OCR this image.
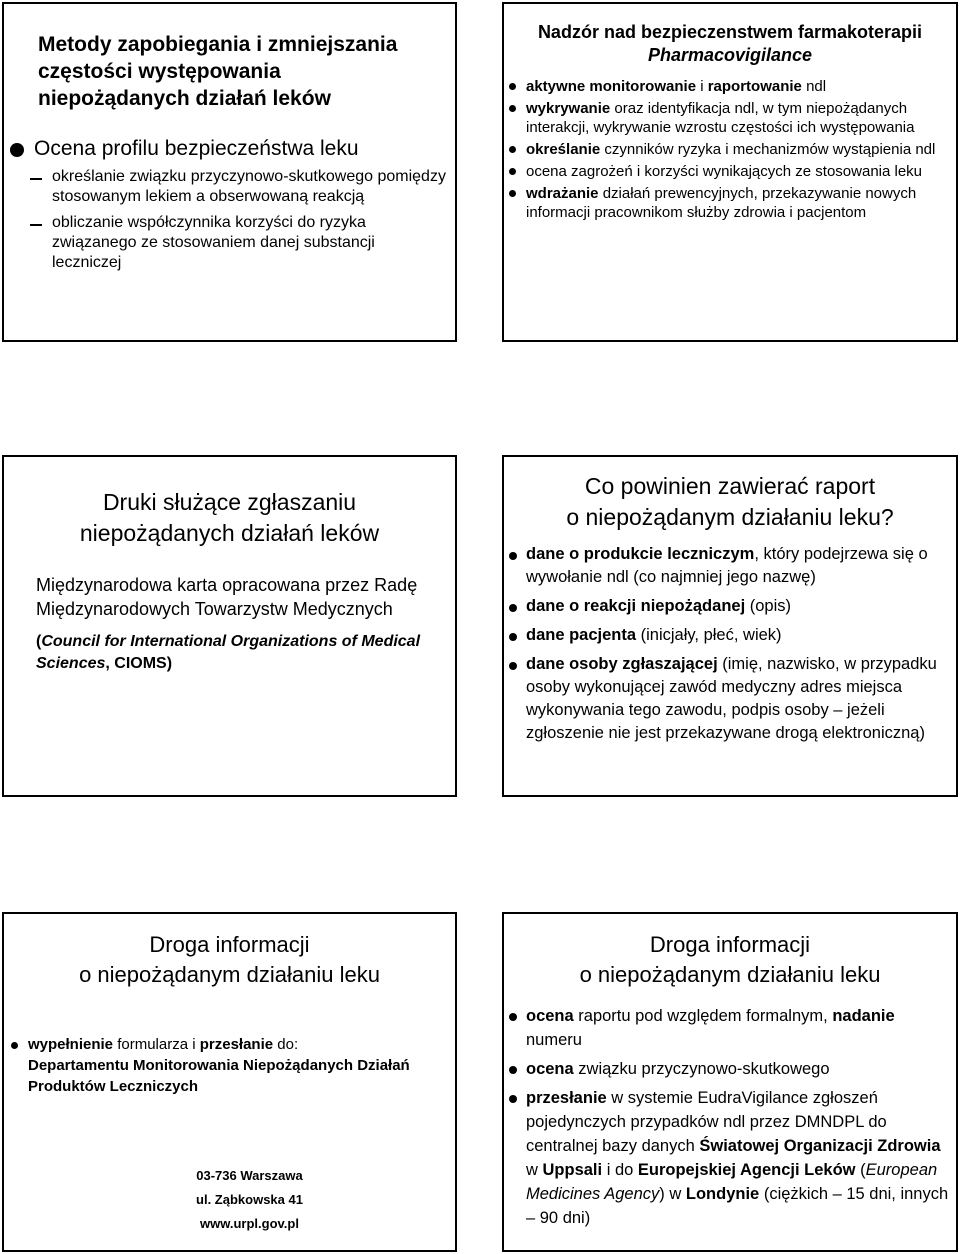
Metody zapobiegania i zmniejszania częstości występowania niepożądanych działań leków
Ocena profilu bezpieczeństwa leku
określanie związku przyczynowo-skutkowego pomiędzy stosowanym lekiem a obserwowaną reakcją
obliczanie współczynnika korzyści do ryzyka związanego ze stosowaniem danej substancji leczniczej
Nadzór nad bezpieczenstwem farmakoterapii
Pharmacovigilance
aktywne monitorowanie i raportowanie ndl
wykrywanie oraz identyfikacja ndl, w tym niepożądanych interakcji, wykrywanie wzrostu częstości ich występowania
określanie czynników ryzyka i mechanizmów wystąpienia ndl
ocena zagrożeń i korzyści wynikających ze stosowania leku
wdrażanie działań prewencyjnych, przekazywanie nowych informacji pracownikom służby zdrowia i pacjentom
Druki służące zgłaszaniu
niepożądanych działań leków
Międzynarodowa karta opracowana przez Radę Międzynarodowych Towarzystw Medycznych
(Council for International Organizations of Medical Sciences, CIOMS)
Co powinien zawierać raport
o niepożądanym działaniu leku?
dane o produkcie leczniczym, który podejrzewa się o wywołanie ndl (co najmniej jego nazwę)
dane o reakcji niepożądanej (opis)
dane pacjenta (inicjały, płeć, wiek)
dane osoby zgłaszającej (imię, nazwisko, w przypadku osoby wykonującej zawód medyczny adres miejsca wykonywania tego zawodu, podpis osoby – jeżeli zgłoszenie nie jest przekazywane drogą elektroniczną)
Droga informacji
o niepożądanym działaniu leku
wypełnienie formularza i przesłanie do:
Departamentu Monitorowania Niepożądanych Działań Produktów Leczniczych
03-736 Warszawa
ul. Ząbkowska 41
www.urpl.gov.pl
Droga informacji
o niepożądanym działaniu leku
ocena raportu pod względem formalnym, nadanie numeru
ocena związku przyczynowo-skutkowego
przesłanie w systemie EudraVigilance zgłoszeń pojedynczych przypadków ndl przez DMNDPL do centralnej bazy danych Światowej Organizacji Zdrowia w Uppsali i do Europejskiej Agencji Leków (European Medicines Agency) w Londynie (ciężkich – 15 dni, innych – 90 dni)
